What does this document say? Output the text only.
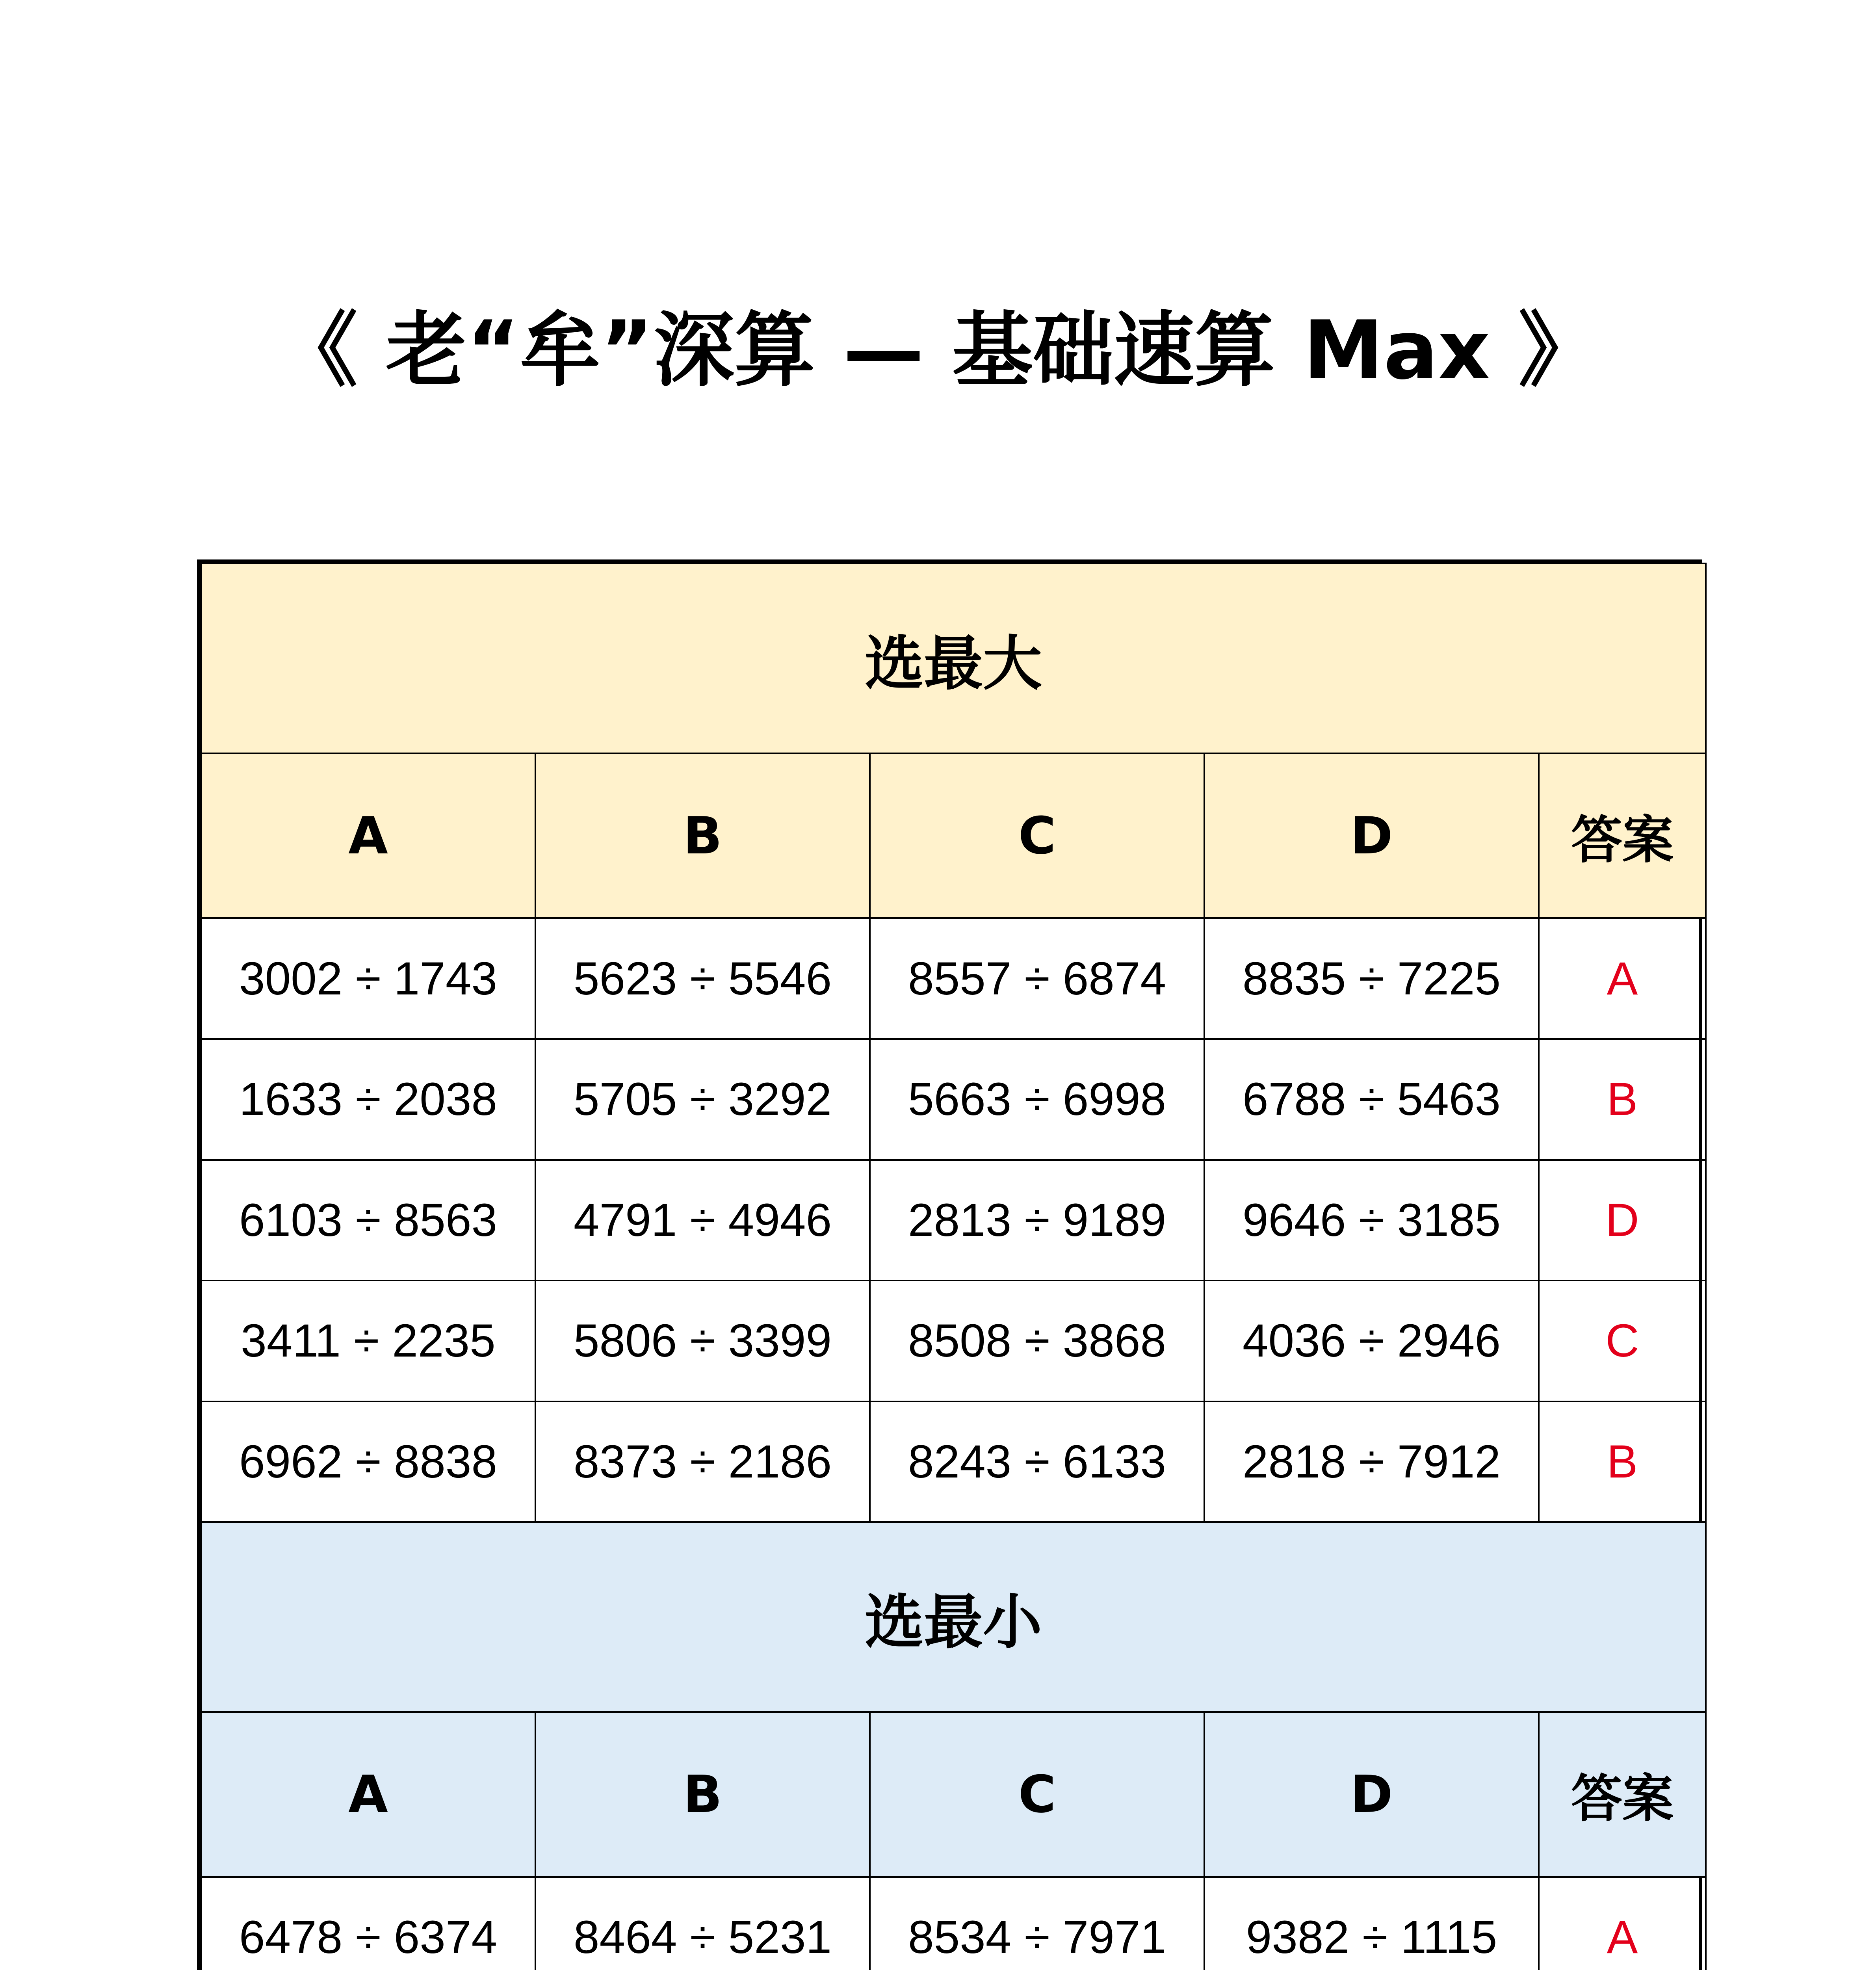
《 老“牟”深算 — 基础速算 Max 》
选最大				
A	B	C	D	答案
3002 ÷ 1743	5623 ÷ 5546	8557 ÷ 6874	8835 ÷ 7225	A
1633 ÷ 2038	5705 ÷ 3292	5663 ÷ 6998	6788 ÷ 5463	B
6103 ÷ 8563	4791 ÷ 4946	2813 ÷ 9189	9646 ÷ 3185	D
3411 ÷ 2235	5806 ÷ 3399	8508 ÷ 3868	4036 ÷ 2946	C
6962 ÷ 8838	8373 ÷ 2186	8243 ÷ 6133	2818 ÷ 7912	B
选最小				
A	B	C	D	答案
6478 ÷ 6374	8464 ÷ 5231	8534 ÷ 7971	9382 ÷ 1115	A
